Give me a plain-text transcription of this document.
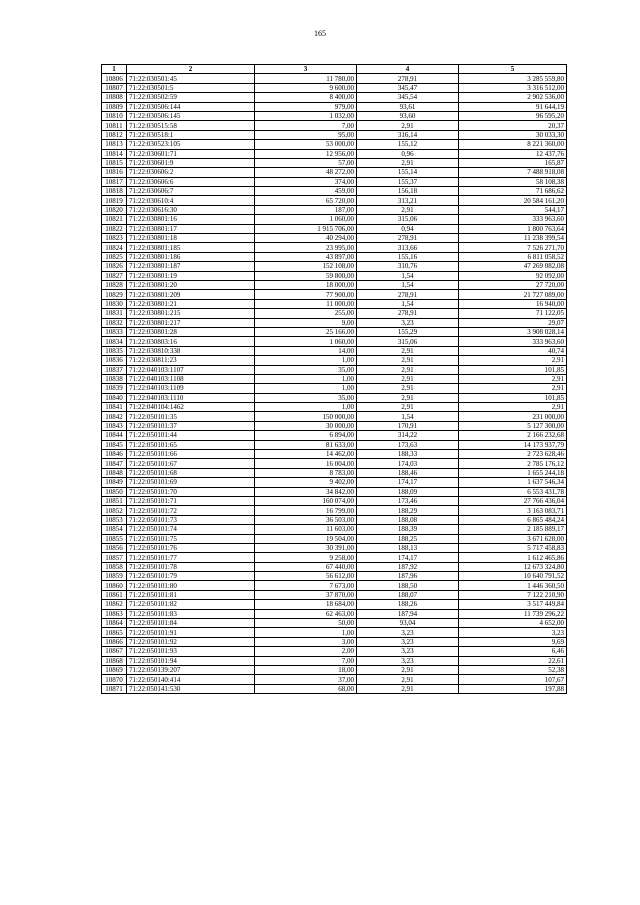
165
1	2	3	4	5
10806	71:22:030501:45	11 780,00	278,91	3 285 559,80
10807	71:22:030501:5	9 600,00	345,47	3 316 512,00
10808	71:22:030502:59	8 400,00	345,54	2 902 536,00
10809	71:22:030506:144	979,00	93,61	91 644,19
10810	71:22:030506:145	1 032,00	93,60	96 595,20
10811	71:22:030515:58	7,00	2,91	20,37
10812	71:22:030518:1	95,00	316,14	30 033,30
10813	71:22:030523:105	53 000,00	155,12	8 221 360,00
10814	71:22:030601:71	12 956,00	0,96	12 437,76
10815	71:22:030601:9	57,00	2,91	165,87
10816	71:22:030606:2	48 272,00	155,14	7 488 918,08
10817	71:22:030606:6	374,00	155,37	58 108,38
10818	71:22:030606:7	459,00	156,18	71 686,62
10819	71:22:030610:4	65 720,00	313,21	20 584 161,20
10820	71:22:030616:30	187,00	2,91	544,17
10821	71:22:030801:16	1 060,00	315,06	333 963,60
10822	71:22:030801:17	1 915 706,00	0,94	1 800 763,64
10823	71:22:030801:18	40 294,00	278,91	11 238 399,54
10824	71:22:030801:185	23 995,00	313,66	7 526 271,70
10825	71:22:030801:186	43 897,00	155,16	6 811 058,52
10826	71:22:030801:187	152 108,00	310,76	47 269 082,08
10827	71:22:030801:19	59 800,00	1,54	92 092,00
10828	71:22:030801:20	18 000,00	1,54	27 720,00
10829	71:22:030801:209	77 900,00	278,91	21 727 089,00
10830	71:22:030801:21	11 000,00	1,54	16 940,00
10831	71:22:030801:215	255,00	278,91	71 122,05
10832	71:22:030801:217	9,00	3,23	29,07
10833	71:22:030801:28	25 166,00	155,29	3 908 028,14
10834	71:22:030803:16	1 060,00	315,06	333 963,60
10835	71:22:030810:338	14,00	2,91	40,74
10836	71:22:030811:23	1,00	2,91	2,91
10837	71:22:040103:1107	35,00	2,91	101,85
10838	71:22:040103:1108	1,00	2,91	2,91
10839	71:22:040103:1109	1,00	2,91	2,91
10840	71:22:040103:1110	35,00	2,91	101,85
10841	71:22:040104:1462	1,00	2,91	2,91
10842	71:22:050101:35	150 000,00	1,54	231 000,00
10843	71:22:050101:37	30 000,00	170,91	5 127 300,00
10844	71:22:050101:44	6 894,00	314,22	2 166 232,68
10845	71:22:050101:65	81 633,00	173,63	14 173 937,79
10846	71:22:050101:66	14 462,00	188,33	2 723 628,46
10847	71:22:050101:67	16 004,00	174,03	2 785 176,12
10848	71:22:050101:68	8 783,00	188,46	1 655 244,18
10849	71:22:050101:69	9 402,00	174,17	1 637 546,34
10850	71:22:050101:70	34 842,00	188,09	6 553 431,78
10851	71:22:050101:71	160 074,00	173,46	27 766 436,04
10852	71:22:050101:72	16 799,00	188,29	3 163 083,71
10853	71:22:050101:73	36 503,00	188,08	6 865 484,24
10854	71:22:050101:74	11 603,00	188,39	2 185 889,17
10855	71:22:050101:75	19 504,00	188,25	3 671 628,00
10856	71:22:050101:76	30 391,00	188,13	5 717 458,83
10857	71:22:050101:77	9 258,00	174,17	1 612 465,86
10858	71:22:050101:78	67 440,00	187,92	12 673 324,80
10859	71:22:050101:79	56 612,00	187,96	10 640 791,52
10860	71:22:050101:80	7 673,00	188,50	1 446 360,50
10861	71:22:050101:81	37 870,00	188,07	7 122 210,90
10862	71:22:050101:82	18 684,00	188,26	3 517 449,84
10863	71:22:050101:83	62 463,00	187,94	11 739 296,22
10864	71:22:050101:84	50,00	93,04	4 652,00
10865	71:22:050101:91	1,00	3,23	3,23
10866	71:22:050101:92	3,00	3,23	9,69
10867	71:22:050101:93	2,00	3,23	6,46
10868	71:22:050101:94	7,00	3,23	22,61
10869	71:22:050139:207	18,00	2,91	52,38
10870	71:22:050140:414	37,00	2,91	107,67
10871	71:22:050141:530	68,00	2,91	197,88
